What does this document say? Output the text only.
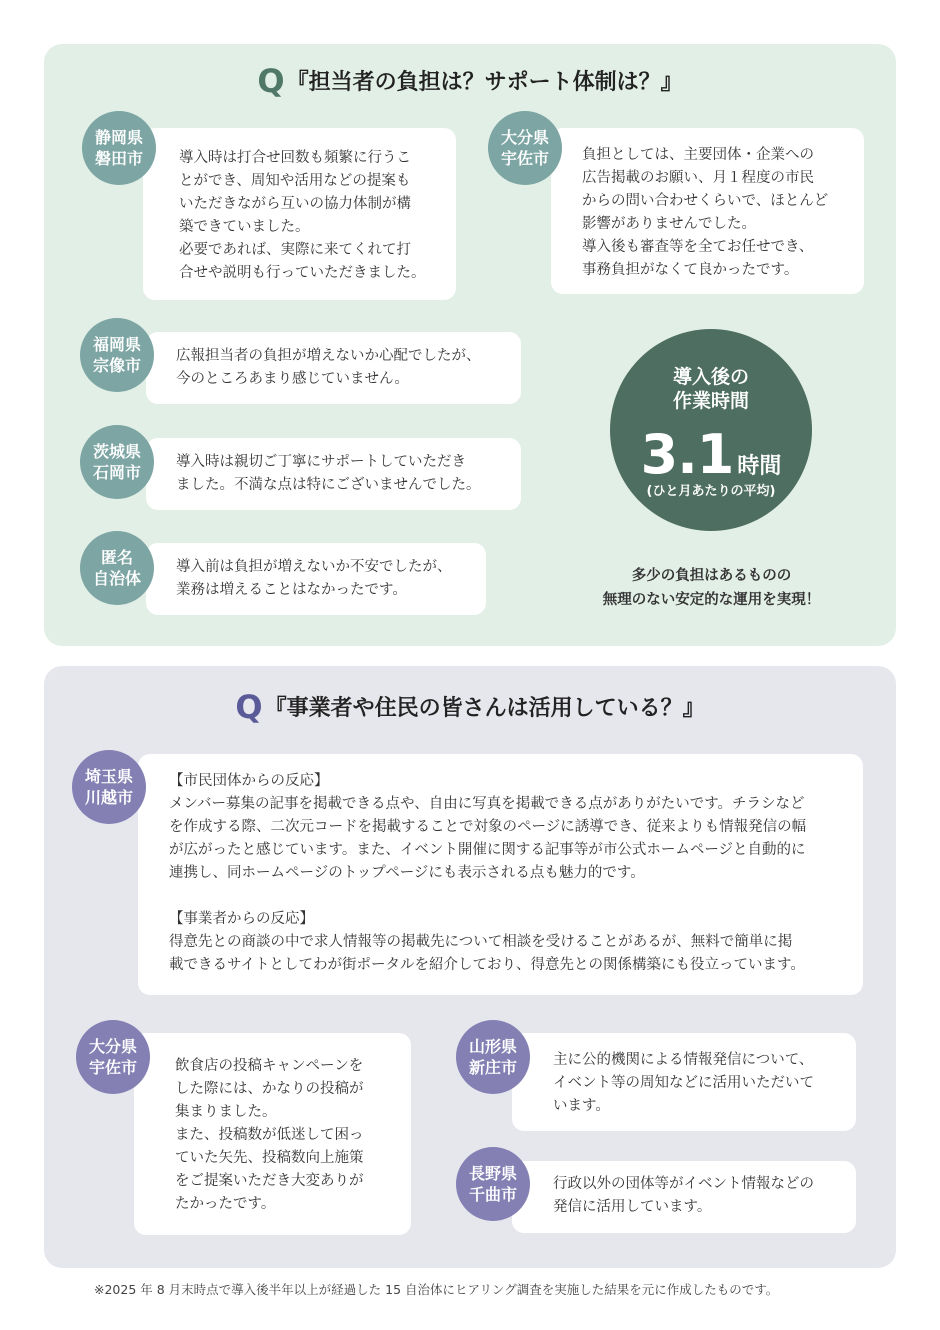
Q『担当者の負担は？サポート体制は？』
静岡県
磐田市 導入時は打合せ回数も頻繁に行うこ

とができ、周知や活用などの提案も

いただきながら互いの協力体制が構

築できていました。

必要であれば、実際に来てくれて打

合せや説明も行っていただきました。

大分県
宇佐市 負担としては、主要団体・企業への

広告掲載のお願い、月１程度の市民

からの問い合わせくらいで、ほとんど

影響がありませんでした。

導入後も審査等を全てお任せでき、

事務負担がなくて良かったです。

福岡県
宗像市 広報担当者の負担が増えないか心配でしたが、

今のところあまり感じていません。

茨城県
石岡市

導入時は親切ご丁寧にサポートしていただき

ました。不満な点は特にございませんでした。

匿名
自治体

導入前は負担が増えないか不安でしたが、

業務は増えることはなかったです。

導入後の
作業時間
3.1 時間
(ひと月あたりの平均)
多少の負担はあるものの
無理のない安定的な運用を実現！
Q『事業者や住民の皆さんは活用している？』
埼玉県
川越市

【市民団体からの反応】

メンバー募集の記事を掲載できる点や、自由に写真を掲載できる点がありがたいです。チラシなど

を作成する際、二次元コードを掲載することで対象のページに誘導でき、従来よりも情報発信の幅

が広がったと感じています。また、イベント開催に関する記事等が市公式ホームページと自動的に

連携し、同ホームページのトップページにも表示される点も魅力的です。

【事業者からの反応】

得意先との商談の中で求人情報等の掲載先について相談を受けることがあるが、無料で簡単に掲

載できるサイトとしてわが街ポータルを紹介しており、得意先との関係構築にも役立っています。

大分県
宇佐市	飲食店の投稿キャンペーンを

した際には、かなりの投稿が

集まりました。

また、投稿数が低迷して困っ

ていた矢先、投稿数向上施策

をご提案いただき大変ありが

たかったです。

山形県
新庄市 主に公的機関による情報発信について、

イベント等の周知などに活用いただいて

います。

長野県
千曲市

行政以外の団体等がイベント情報などの

発信に活用しています。

※2025 年 8 月末時点で導入後半年以上が経過した 15 自治体にヒアリング調査を実施した結果を元に作成したものです。
